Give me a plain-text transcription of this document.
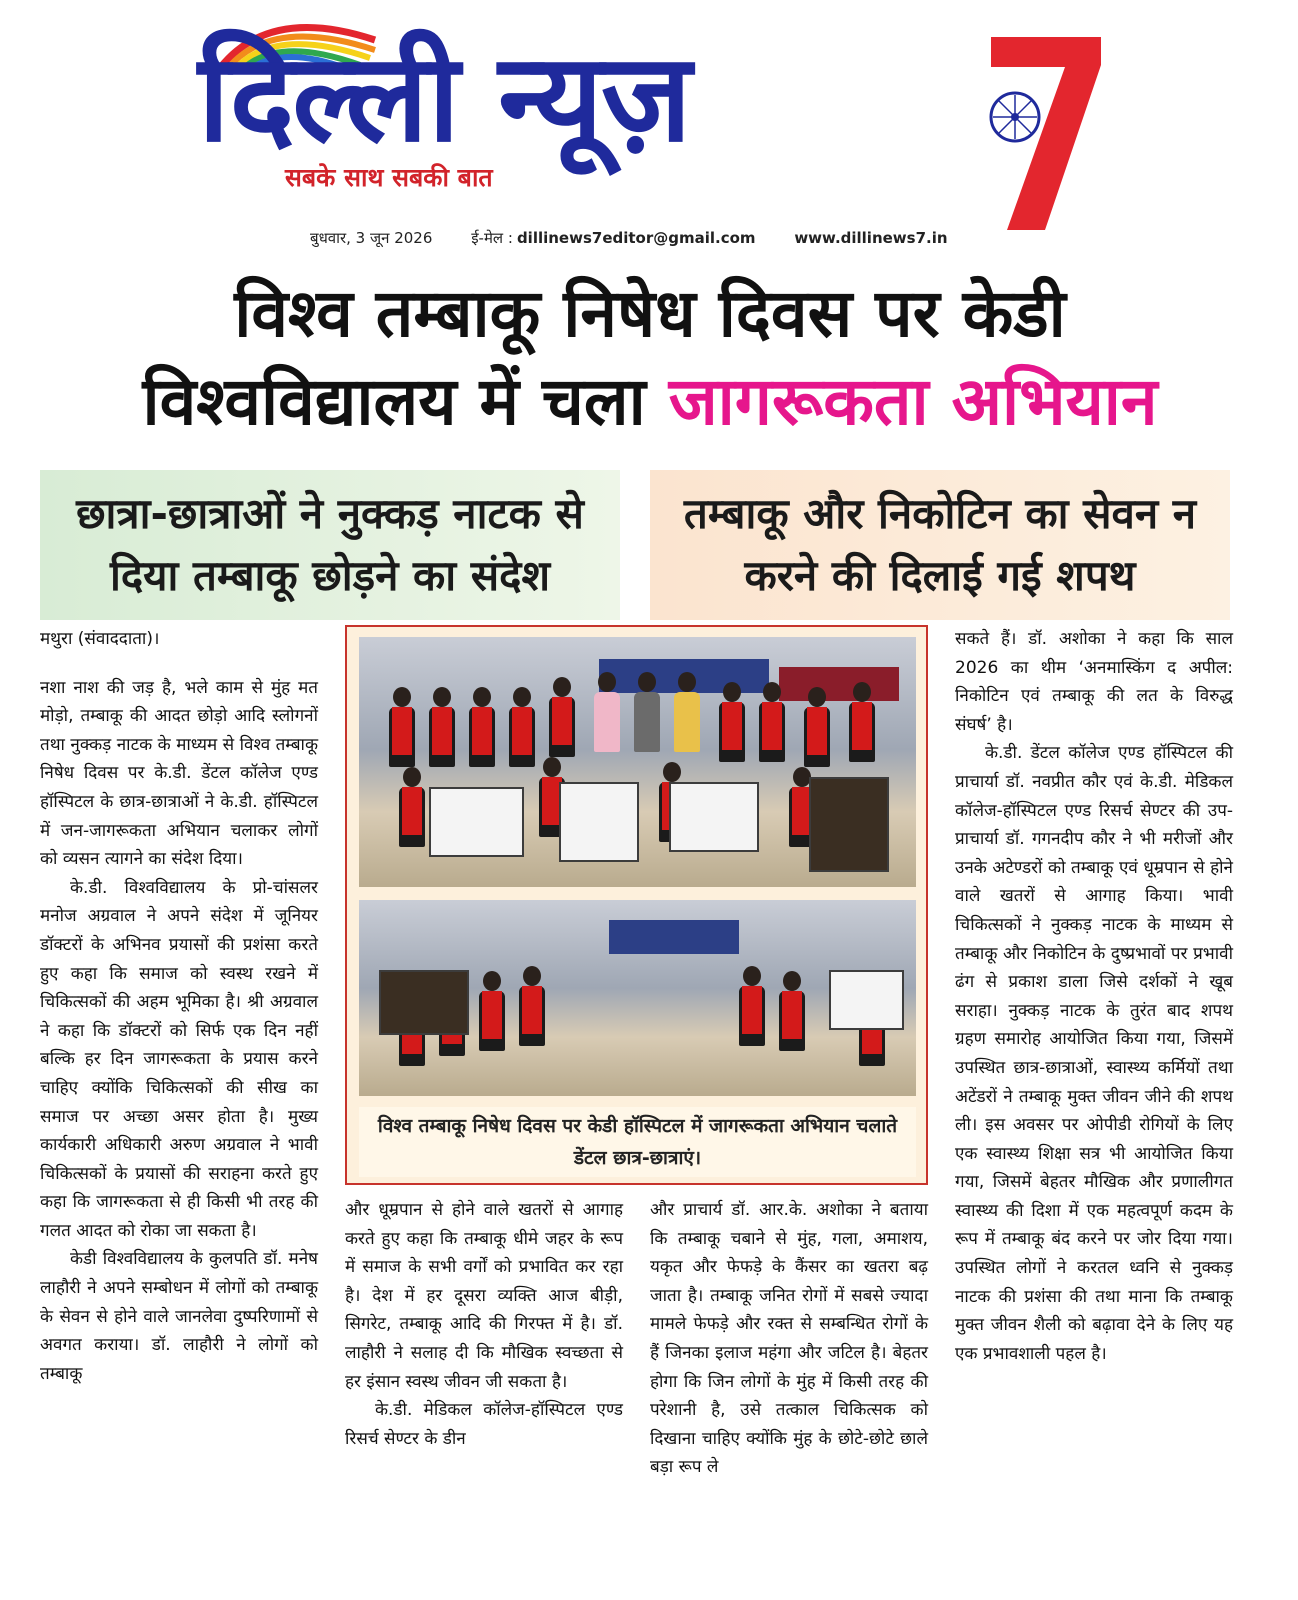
दिल्ली न्यूज़	7
सबके साथ सबकी बात
बुधवार, 3 जून 2026	ई-मेल : dillinews7editor@gmail.com	www.dillinews7.in
विश्व तम्बाकू निषेध दिवस पर केडी
विश्वविद्यालय में चला जागरूकता अभियान
छात्रा-छात्राओं ने नुक्कड़ नाटक से दिया तम्बाकू छोड़ने का संदेश
तम्बाकू और निकोटिन का सेवन न करने की दिलाई गई शपथ
मथुरा (संवाददाता)।

नशा नाश की जड़ है, भले काम से मुंह मत मोड़ो, तम्बाकू की आदत छोड़ो आदि स्लोगनों तथा नुक्कड़ नाटक के माध्यम से विश्व तम्बाकू निषेध दिवस पर के.डी. डेंटल कॉलेज एण्ड हॉस्पिटल के छात्र-छात्राओं ने के.डी. हॉस्पिटल में जन-जागरूकता अभियान चलाकर लोगों को व्यसन त्यागने का संदेश दिया।

के.डी. विश्वविद्यालय के प्रो-चांसलर मनोज अग्रवाल ने अपने संदेश में जूनियर डॉक्टरों के अभिनव प्रयासों की प्रशंसा करते हुए कहा कि समाज को स्वस्थ रखने में चिकित्सकों की अहम भूमिका है। श्री अग्रवाल ने कहा कि डॉक्टरों को सिर्फ एक दिन नहीं बल्कि हर दिन जागरूकता के प्रयास करने चाहिए क्योंकि चिकित्सकों की सीख का समाज पर अच्छा असर होता है। मुख्य कार्यकारी अधिकारी अरुण अग्रवाल ने भावी चिकित्सकों के प्रयासों की सराहना करते हुए कहा कि जागरूकता से ही किसी भी तरह की गलत आदत को रोका जा सकता है।

केडी विश्वविद्यालय के कुलपति डॉ. मनेष लाहौरी ने अपने सम्बोधन में लोगों को तम्बाकू के सेवन से होने वाले जानलेवा दुष्परिणामों से अवगत कराया। डॉ. लाहौरी ने लोगों को तम्बाकू

विश्व तम्बाकू निषेध दिवस पर केडी हॉस्पिटल में जागरूकता अभियान चलाते डेंटल छात्र-छात्राएं।

और धूम्रपान से होने वाले खतरों से आगाह करते हुए कहा कि तम्बाकू धीमे जहर के रूप में समाज के सभी वर्गों को प्रभावित कर रहा है। देश में हर दूसरा व्यक्ति आज बीड़ी, सिगरेट, तम्बाकू आदि की गिरफ्त में है। डॉ. लाहौरी ने सलाह दी कि मौखिक स्वच्छता से हर इंसान स्वस्थ जीवन जी सकता है।

के.डी. मेडिकल कॉलेज-हॉस्पिटल एण्ड रिसर्च सेण्टर के डीन

और प्राचार्य डॉ. आर.के. अशोका ने बताया कि तम्बाकू चबाने से मुंह, गला, अमाशय, यकृत और फेफड़े के कैंसर का खतरा बढ़ जाता है। तम्बाकू जनित रोगों में सबसे ज्यादा मामले फेफड़े और रक्त से सम्बन्धित रोगों के हैं जिनका इलाज महंगा और जटिल है। बेहतर होगा कि जिन लोगों के मुंह में किसी तरह की परेशानी है, उसे तत्काल चिकित्सक को दिखाना चाहिए क्योंकि मुंह के छोटे-छोटे छाले बड़ा रूप ले

सकते हैं। डॉ. अशोका ने कहा कि साल 2026 का थीम ‘अनमास्किंग द अपील: निकोटिन एवं तम्बाकू की लत के विरुद्ध संघर्ष’ है।

के.डी. डेंटल कॉलेज एण्ड हॉस्पिटल की प्राचार्या डॉ. नवप्रीत कौर एवं के.डी. मेडिकल कॉलेज-हॉस्पिटल एण्ड रिसर्च सेण्टर की उप-प्राचार्या डॉ. गगनदीप कौर ने भी मरीजों और उनके अटेण्डरों को तम्बाकू एवं धूम्रपान से होने वाले खतरों से आगाह किया। भावी चिकित्सकों ने नुक्कड़ नाटक के माध्यम से तम्बाकू और निकोटिन के दुष्प्रभावों पर प्रभावी ढंग से प्रकाश डाला जिसे दर्शकों ने खूब सराहा। नुक्कड़ नाटक के तुरंत बाद शपथ ग्रहण समारोह आयोजित किया गया, जिसमें उपस्थित छात्र-छात्राओं, स्वास्थ्य कर्मियों तथा अटेंडरों ने तम्बाकू मुक्त जीवन जीने की शपथ ली। इस अवसर पर ओपीडी रोगियों के लिए एक स्वास्थ्य शिक्षा सत्र भी आयोजित किया गया, जिसमें बेहतर मौखिक और प्रणालीगत स्वास्थ्य की दिशा में एक महत्वपूर्ण कदम के रूप में तम्बाकू बंद करने पर जोर दिया गया। उपस्थित लोगों ने करतल ध्वनि से नुक्कड़ नाटक की प्रशंसा की तथा माना कि तम्बाकू मुक्त जीवन शैली को बढ़ावा देने के लिए यह एक प्रभावशाली पहल है।
